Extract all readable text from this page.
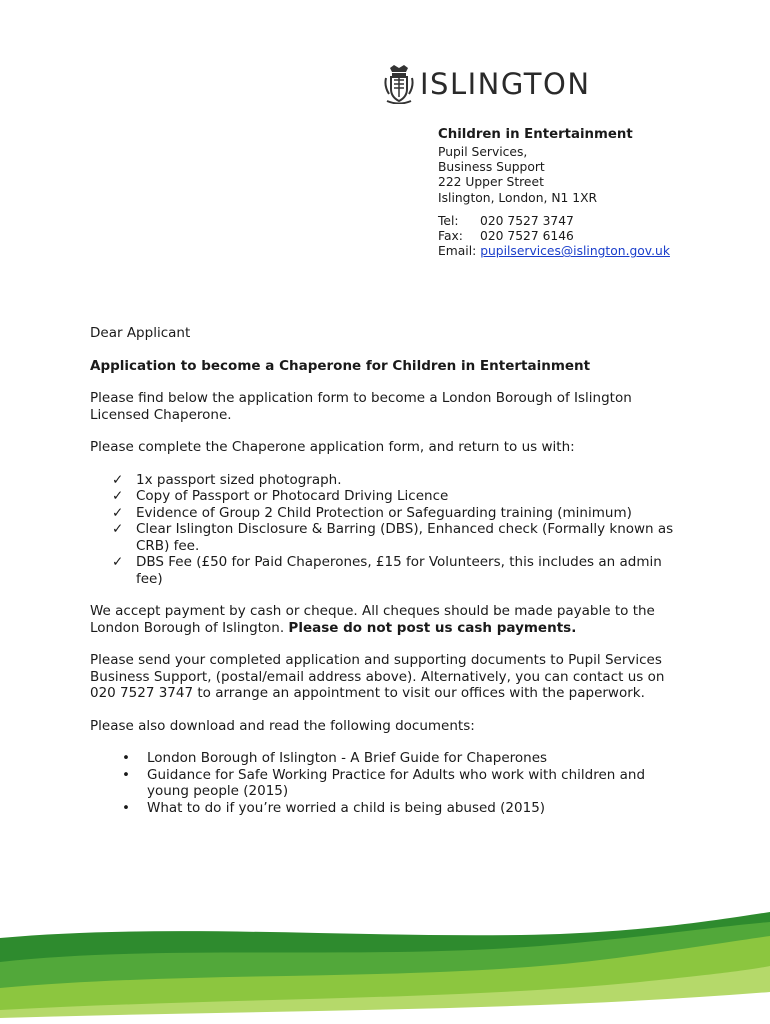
ISLINGTON
Children in Entertainment
Pupil Services,
Business Support
222 Upper Street
Islington, London, N1 1XR
Tel: 020 7527 3747
Fax: 020 7527 6146
Email: pupilservices@islington.gov.uk

Dear Applicant

Application to become a Chaperone for Children in Entertainment

Please find below the application form to become a London Borough of Islington Licensed Chaperone.

Please complete the Chaperone application form, and return to us with:

✓ 1x passport sized photograph.
✓ Copy of Passport or Photocard Driving Licence
✓ Evidence of Group 2 Child Protection or Safeguarding training (minimum)
✓ Clear Islington Disclosure & Barring (DBS), Enhanced check (Formally known as CRB) fee.
✓ DBS Fee (£50 for Paid Chaperones, £15 for Volunteers, this includes an admin fee)

We accept payment by cash or cheque. All cheques should be made payable to the London Borough of Islington. Please do not post us cash payments.

Please send your completed application and supporting documents to Pupil Services Business Support, (postal/email address above). Alternatively, you can contact us on 020 7527 3747 to arrange an appointment to visit our offices with the paperwork.

Please also download and read the following documents:

• London Borough of Islington - A Brief Guide for Chaperones
• Guidance for Safe Working Practice for Adults who work with children and young people (2015)
• What to do if you’re worried a child is being abused (2015)
